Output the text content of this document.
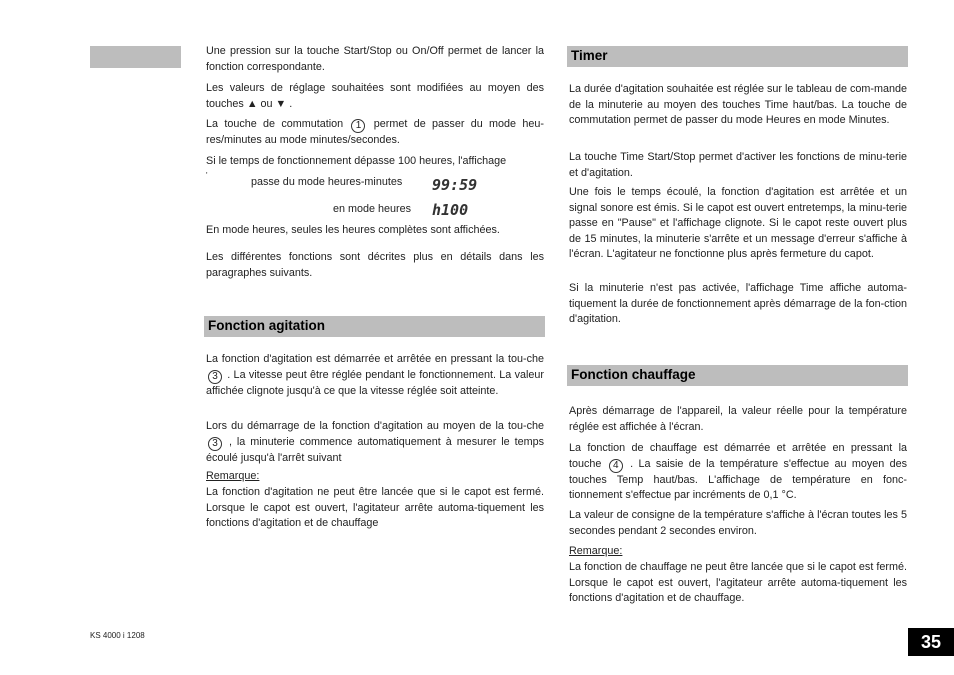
Une pression sur la touche Start/Stop ou On/Off permet de lancer la fonction correspondante.

Les valeurs de réglage souhaitées sont modifiées au moyen des touches ▲ ou ▼ .

La touche de commutation 1 permet de passer du mode heu-res/minutes au mode minutes/secondes.

Si le temps de fonctionnement dépasse 100 heures, l'affichage

'
passe du mode heures-minutes 99:59
en mode heures h100

En mode heures, seules les heures complètes sont affichées.

Les différentes fonctions sont décrites plus en détails dans les paragraphes suivants.

Fonction agitation

La fonction d'agitation est démarrée et arrêtée en pressant la tou-che 3 . La vitesse peut être réglée pendant le fonctionnement. La valeur affichée clignote jusqu'à ce que la vitesse réglée soit atteinte.

Lors du démarrage de la fonction d'agitation au moyen de la tou-che 3 , la minuterie commence automatiquement à mesurer le temps écoulé jusqu'à l'arrêt suivant

Remarque:

La fonction d'agitation ne peut être lancée que si le capot est fermé. Lorsque le capot est ouvert, l'agitateur arrête automa-tiquement les fonctions d'agitation et de chauffage

Timer

La durée d'agitation souhaitée est réglée sur le tableau de com-mande de la minuterie au moyen des touches Time haut/bas. La touche de commutation permet de passer du mode Heures en mode Minutes.

La touche Time Start/Stop permet d'activer les fonctions de minu-terie et d'agitation.

Une fois le temps écoulé, la fonction d'agitation est arrêtée et un signal sonore est émis. Si le capot est ouvert entretemps, la minu-terie passe en "Pause" et l'affichage clignote. Si le capot reste ouvert plus de 15 minutes, la minuterie s'arrête et un message d'erreur s'affiche à l'écran. L'agitateur ne fonctionne plus après fermeture du capot.

Si la minuterie n'est pas activée, l'affichage Time affiche automa-tiquement la durée de fonctionnement après démarrage de la fon-ction d'agitation.

Fonction chauffage

Après démarrage de l'appareil, la valeur réelle pour la température réglée est affichée à l'écran.

La fonction de chauffage est démarrée et arrêtée en pressant la touche 4 . La saisie de la température s'effectue au moyen des touches Temp haut/bas. L'affichage de température en fonc-tionnement s'effectue par incréments de 0,1 °C.

La valeur de consigne de la température s'affiche à l'écran toutes les 5 secondes pendant 2 secondes environ.

Remarque:

La fonction de chauffage ne peut être lancée que si le capot est fermé. Lorsque le capot est ouvert, l'agitateur arrête automa-tiquement les fonctions d'agitation et de chauffage.

KS 4000 i 1208	35
